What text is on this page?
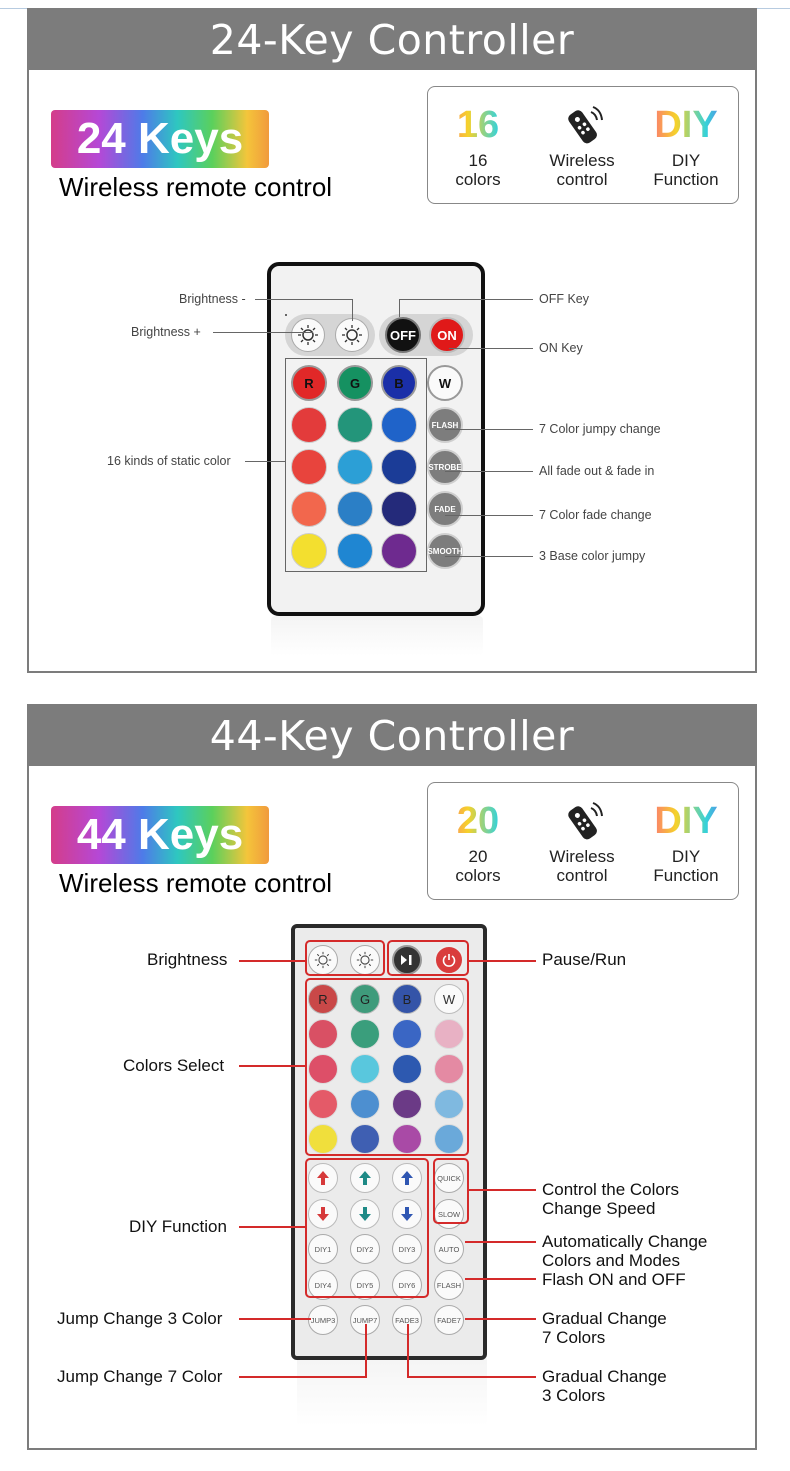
24-Key Controller
24 Keys
Wireless remote control
16
16
colors
Wireless
control
DIY
DIY
Function
OFF	ON
R	G	B	W
FLASH
STROBE
FADE
SMOOTH
Brightness -
Brightness +
16 kinds of static color
OFF Key
ON Key
7 Color jumpy change
All fade out & fade in
7 Color fade change
3 Base color jumpy
44-Key Controller
44 Keys
Wireless remote control
20
20
colors
Wireless
control
DIY
DIY
Function
R	G	B	W
QUICK
SLOW
DIY1	DIY2	DIY3	AUTO
DIY4	DIY5	DIY6	FLASH
JUMP3	JUMP7	FADE3	FADE7
Brightness
Colors Select
DIY Function
Jump Change 3 Color
Jump Change 7 Color
Pause/Run
Control the Colors
Change Speed
Automatically Change
Colors and Modes
Flash ON and OFF
Gradual Change
7 Colors
Gradual Change
3 Colors
